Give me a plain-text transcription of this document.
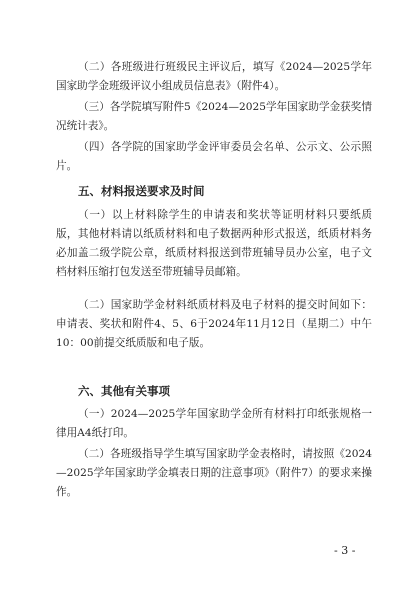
（二）各班级进行班级民主评议后，填写《2024—2025学年国家助学金班级评议小组成员信息表》（附件4）。

（三）各学院填写附件5《2024—2025学年国家助学金获奖情况统计表》。

（四）各学院的国家助学金评审委员会名单、公示文、公示照片。

五、材料报送要求及时间

（一）以上材料除学生的申请表和奖状等证明材料只要纸质版，其他材料请以纸质材料和电子数据两种形式报送，纸质材料务必加盖二级学院公章，纸质材料报送到带班辅导员办公室，电子文档材料压缩打包发送至带班辅导员邮箱。

（二）国家助学金材料纸质材料及电子材料的提交时间如下：申请表、奖状和附件4、5、6于2024年11月12日（星期二）中午10：00前提交纸质版和电子版。

六、其他有关事项

（一）2024—2025学年国家助学金所有材料打印纸张规格一律用A4纸打印。

（二）各班级指导学生填写国家助学金表格时，请按照《2024—2025学年国家助学金填表日期的注意事项》（附件7）的要求来操作。

- 3 -
